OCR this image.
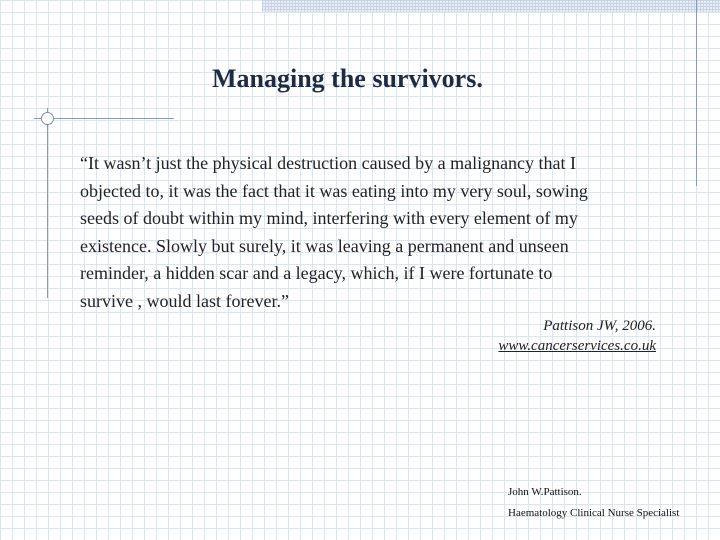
Managing the survivors.
“It wasn’t just the physical destruction caused by a malignancy that I
objected to, it was the fact that it was eating into my very soul, sowing
seeds of doubt within my mind, interfering with every element of my
existence. Slowly but surely, it was leaving a permanent and unseen
reminder, a hidden scar and a legacy, which, if I were fortunate to
survive , would last forever.”
Pattison JW, 2006.
www.cancerservices.co.uk
John W.Pattison.
Haematology Clinical Nurse Specialist
